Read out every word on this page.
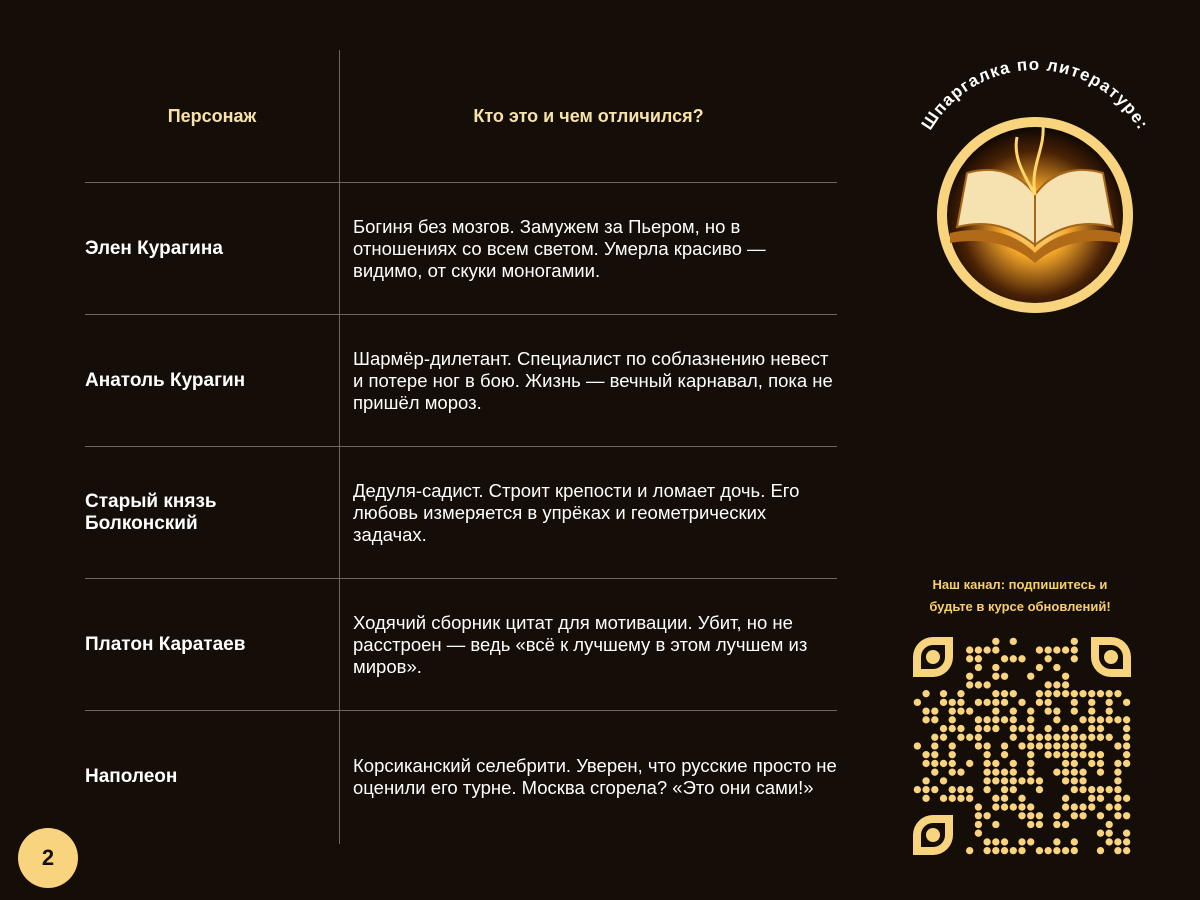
Персонаж	Кто это и чем отличился?
Элен Курагина
Богиня без мозгов. Замужем за Пьером, но в отношениях со всем светом. Умерла красиво — видимо, от скуки моногамии.
Анатоль Курагин
Шармёр-дилетант. Специалист по соблазнению невест и потере ног в бою. Жизнь — вечный карнавал, пока не пришёл мороз.
Старый князь Болконский
Дедуля-садист. Строит крепости и ломает дочь. Его любовь измеряется в упрёках и геометрических задачах.
Платон Каратаев
Ходячий сборник цитат для мотивации. Убит, но не расстроен — ведь «всё к лучшему в этом лучшем из миров».
Наполеон
Корсиканский селебрити. Уверен, что русские просто не оценили его турне. Москва сгорела? «Это они сами!»
Шпаргалка по литературе:
Наш канал: подпишитесь и
будьте в курсе обновлений!
2
